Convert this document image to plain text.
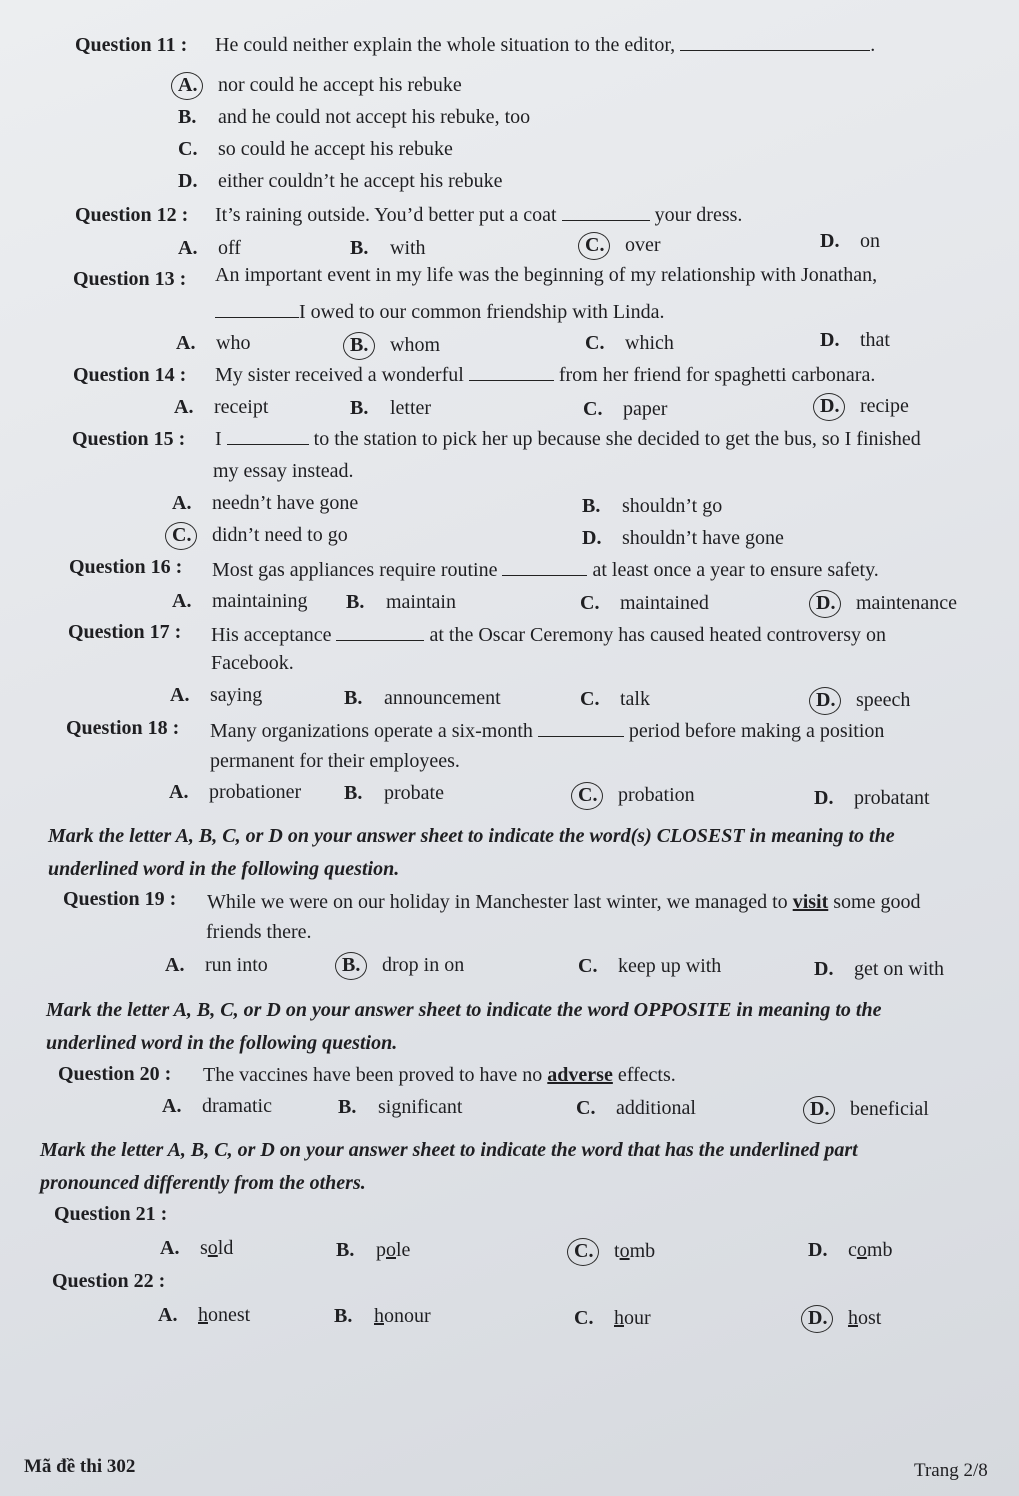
Question 11 : He could neither explain the whole situation to the editor,	.
A. nor could he accept his rebuke
B. and he could not accept his rebuke, too
C. so could he accept his rebuke
D. either couldn’t he accept his rebuke
Question 12 : It’s raining outside. You’d better put a coat	your dress.
A. off	B. with	C. over	D. on
Question 13 : An important event in my life was the beginning of my relationship with Jonathan,
I owed to our common friendship with Linda.
A. who	B. whom	C. which	D. that
Question 14 : My sister received a wonderful	from her friend for spaghetti carbonara.
A. receipt	B. letter	C. paper	D. recipe
Question 15 : I	to the station to pick her up because she decided to get the bus, so I finished
my essay instead.
A. needn’t have gone	B. shouldn’t go
C. didn’t need to go	D. shouldn’t have gone
Question 16 : Most gas appliances require routine	at least once a year to ensure safety.
A. maintaining B. maintain	C. maintained	D. maintenance
Question 17 : His acceptance	at the Oscar Ceremony has caused heated controversy on
Facebook.
A. saying	B. announcement	C. talk	D. speech
Question 18 : Many organizations operate a six-month	period before making a position
permanent for their employees.
A. probationer B. probate	C. probation	D. probatant
Mark the letter A, B, C, or D on your answer sheet to indicate the word(s) CLOSEST in meaning to the
underlined word in the following question.
Question 19 : While we were on our holiday in Manchester last winter, we managed to visit some good
friends there.
A. run into	B. drop in on	C. keep up with	D. get on with
Mark the letter A, B, C, or D on your answer sheet to indicate the word OPPOSITE in meaning to the
underlined word in the following question.
Question 20 : The vaccines have been proved to have no adverse effects.
A. dramatic	B. significant	C. additional	D. beneficial
Mark the letter A, B, C, or D on your answer sheet to indicate the word that has the underlined part
pronounced differently from the others.
Question 21 :
A. sold	B. pole	C. tomb	D. comb
Question 22 :
A. honest	B. honour	C. hour	D. host
Mã đề thi 302	Trang 2/8
